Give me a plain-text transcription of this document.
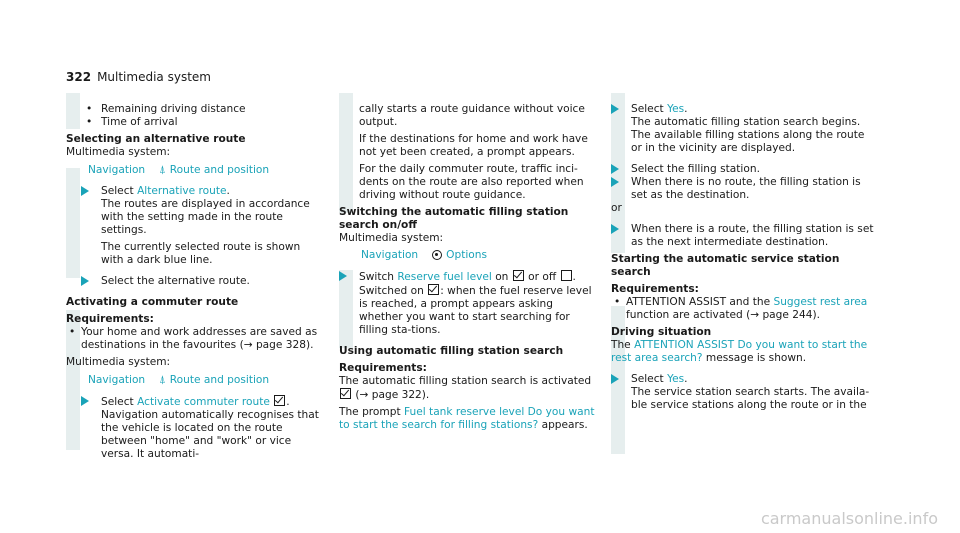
322 Multimedia system
• Remaining driving distance
• Time of arrival
Selecting an alternative route
Multimedia system:
Navigation ⍋ Route and position
Select Alternative route.
The routes are displayed in accordance with the setting made in the route settings.
The currently selected route is shown with a dark blue line.
Select the alternative route.
Activating a commuter route
Requirements:
• Your home and work addresses are saved as destinations in the favourites (→ page 328).
Multimedia system:
Navigation ⍋ Route and position
Select Activate commuter route .
Navigation automatically recognises that the vehicle is located on the route between "home" and "work" or vice versa. It automati-
cally starts a route guidance without voice output.
If the destinations for home and work have not yet been created, a prompt appears.
For the daily commuter route, traffic inci-dents on the route are also reported when driving without route guidance.
Switching the automatic filling station search on/off
Multimedia system:
Navigation	Options
Switch Reserve fuel level on or off .
Switched on : when the fuel reserve level is reached, a prompt appears asking whether you want to start searching for filling sta-tions.
Using automatic filling station search
Requirements:
The automatic filling station search is activated
(→ page 322).
The prompt Fuel tank reserve level Do you want to start the search for filling stations? appears.
Select Yes.
The automatic filling station search begins. The available filling stations along the route or in the vicinity are displayed.
Select the filling station.
When there is no route, the filling station is set as the destination.
or
When there is a route, the filling station is set as the next intermediate destination.
Starting the automatic service station search
Requirements:
• ATTENTION ASSIST and the Suggest rest area function are activated (→ page 244).
Driving situation
The ATTENTION ASSIST Do you want to start the rest area search? message is shown.
Select Yes.
The service station search starts. The availa-ble service stations along the route or in the
carmanualsonline.info
